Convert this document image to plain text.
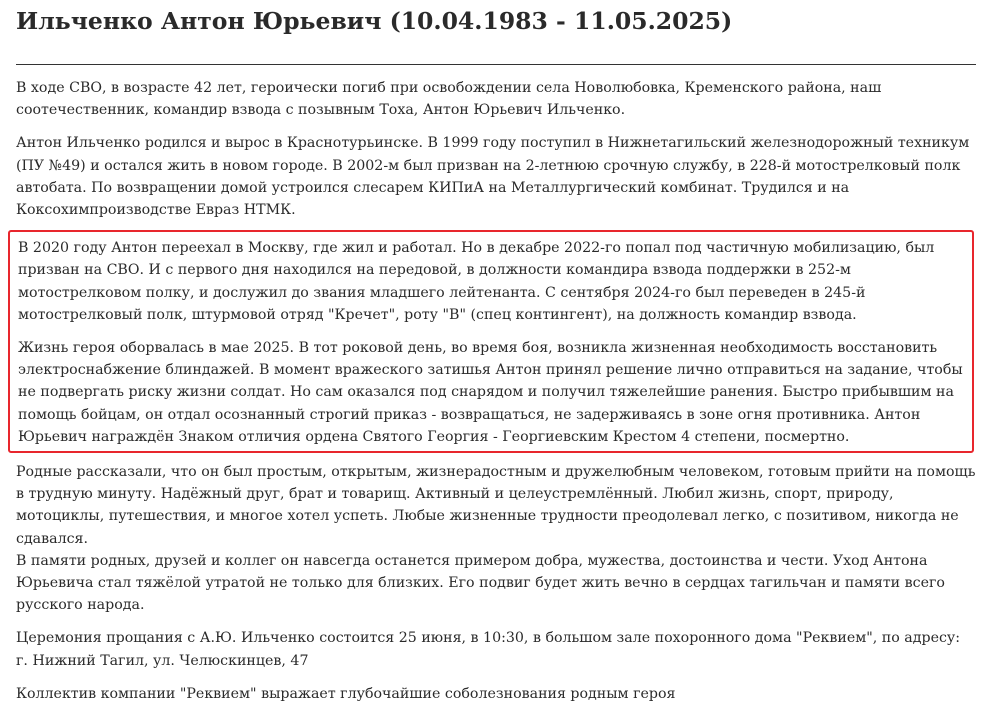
Ильченко Антон Юрьевич (10.04.1983 - 11.05.2025)

В ходе СВО, в возрасте 42 лет, героически погиб при освобождении села Новолюбовка, Кременского района, наш соотечественник, командир взвода с позывным Тоха, Антон Юрьевич Ильченко.

Антон Ильченко родился и вырос в Краснотурьинске. В 1999 году поступил в Нижнетагильский железнодорожный техникум (ПУ №49) и остался жить в новом городе. В 2002-м был призван на 2-летнюю срочную службу, в 228-й мотострелковый полк автобата. По возвращении домой устроился слесарем КИПиА на Металлургический комбинат. Трудился и на Коксохимпроизводстве Евраз НТМК.

В 2020 году Антон переехал в Москву, где жил и работал. Но в декабре 2022-го попал под частичную мобилизацию, был призван на СВО. И с первого дня находился на передовой, в должности командира взвода поддержки в 252-м мотострелковом полку, и дослужил до звания младшего лейтенанта. С сентября 2024-го был переведен в 245-й мотострелковый полк, штурмовой отряд "Кречет", роту "В" (спец контингент), на должность командир взвода.

Жизнь героя оборвалась в мае 2025. В тот роковой день, во время боя, возникла жизненная необходимость восстановить электроснабжение блиндажей. В момент вражеского затишья Антон принял решение лично отправиться на задание, чтобы не подвергать риску жизни солдат. Но сам оказался под снарядом и получил тяжелейшие ранения. Быстро прибывшим на помощь бойцам, он отдал осознанный строгий приказ - возвращаться, не задерживаясь в зоне огня противника. Антон Юрьевич награждён Знаком отличия ордена Святого Георгия - Георгиевским Крестом 4 степени, посмертно.

Родные рассказали, что он был простым, открытым, жизнерадостным и дружелюбным человеком, готовым прийти на помощь в трудную минуту. Надёжный друг, брат и товарищ. Активный и целеустремлённый. Любил жизнь, спорт, природу, мотоциклы, путешествия, и многое хотел успеть. Любые жизненные трудности преодолевал легко, с позитивом, никогда не сдавался.

В памяти родных, друзей и коллег он навсегда останется примером добра, мужества, достоинства и чести. Уход Антона Юрьевича стал тяжёлой утратой не только для близких. Его подвиг будет жить вечно в сердцах тагильчан и памяти всего русского народа.

Церемония прощания с А.Ю. Ильченко состоится 25 июня, в 10:30, в большом зале похоронного дома "Реквием", по адресу: г. Нижний Тагил, ул. Челюскинцев, 47

Коллектив компании "Реквием" выражает глубочайшие соболезнования родным героя
